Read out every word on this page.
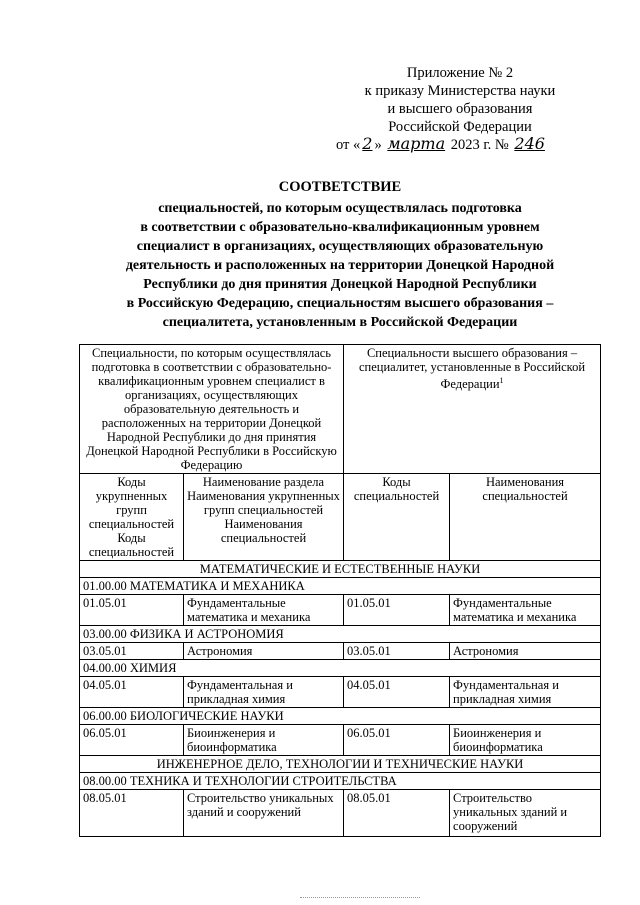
Приложение № 2
к приказу Министерства науки
и высшего образования
Российской Федерации
от « 2 » марта 2023 г. № 246
СООТВЕТСТВИЕ
специальностей, по которым осуществлялась подготовка
в соответствии с образовательно-квалификационным уровнем
специалист в организациях, осуществляющих образовательную
деятельность и расположенных на территории Донецкой Народной
Республики до дня принятия Донецкой Народной Республики
в Российскую Федерацию, специальностям высшего образования –
специалитета, установленным в Российской Федерации
Специальности, по которым осуществлялась подготовка в соответствии с образовательно-квалификационным уровнем специалист в организациях, осуществляющих образовательную деятельность и расположенных на территории Донецкой Народной Республики до дня принятия Донецкой Народной Республики в Российскую Федерацию		Специальности высшего образования – специалитет, установленные в Российской Федерации$^1$
Коды укрупненных групп специальностей Коды специальностей	Наименование раздела Наименования укрупненных групп специальностей Наименования специальностей	Коды специальностей	Наименования специальностей
МАТЕМАТИЧЕСКИЕ И ЕСТЕСТВЕННЫЕ НАУКИ			
01.00.00 МАТЕМАТИКА И МЕХАНИКА			
01.05.01	Фундаментальные математика и механика	01.05.01	Фундаментальные математика и механика
03.00.00 ФИЗИКА И АСТРОНОМИЯ			
03.05.01	Астрономия	03.05.01	Астрономия
04.00.00 ХИМИЯ			
04.05.01	Фундаментальная и прикладная химия	04.05.01	Фундаментальная и прикладная химия
06.00.00 БИОЛОГИЧЕСКИЕ НАУКИ			
06.05.01	Биоинженерия и биоинформатика	06.05.01	Биоинженерия и биоинформатика
ИНЖЕНЕРНОЕ ДЕЛО, ТЕХНОЛОГИИ И ТЕХНИЧЕСКИЕ НАУКИ			
08.00.00 ТЕХНИКА И ТЕХНОЛОГИИ СТРОИТЕЛЬСТВА			
08.05.01	Строительство уникальных зданий и сооружений	08.05.01	Строительство уникальных зданий и сооружений
